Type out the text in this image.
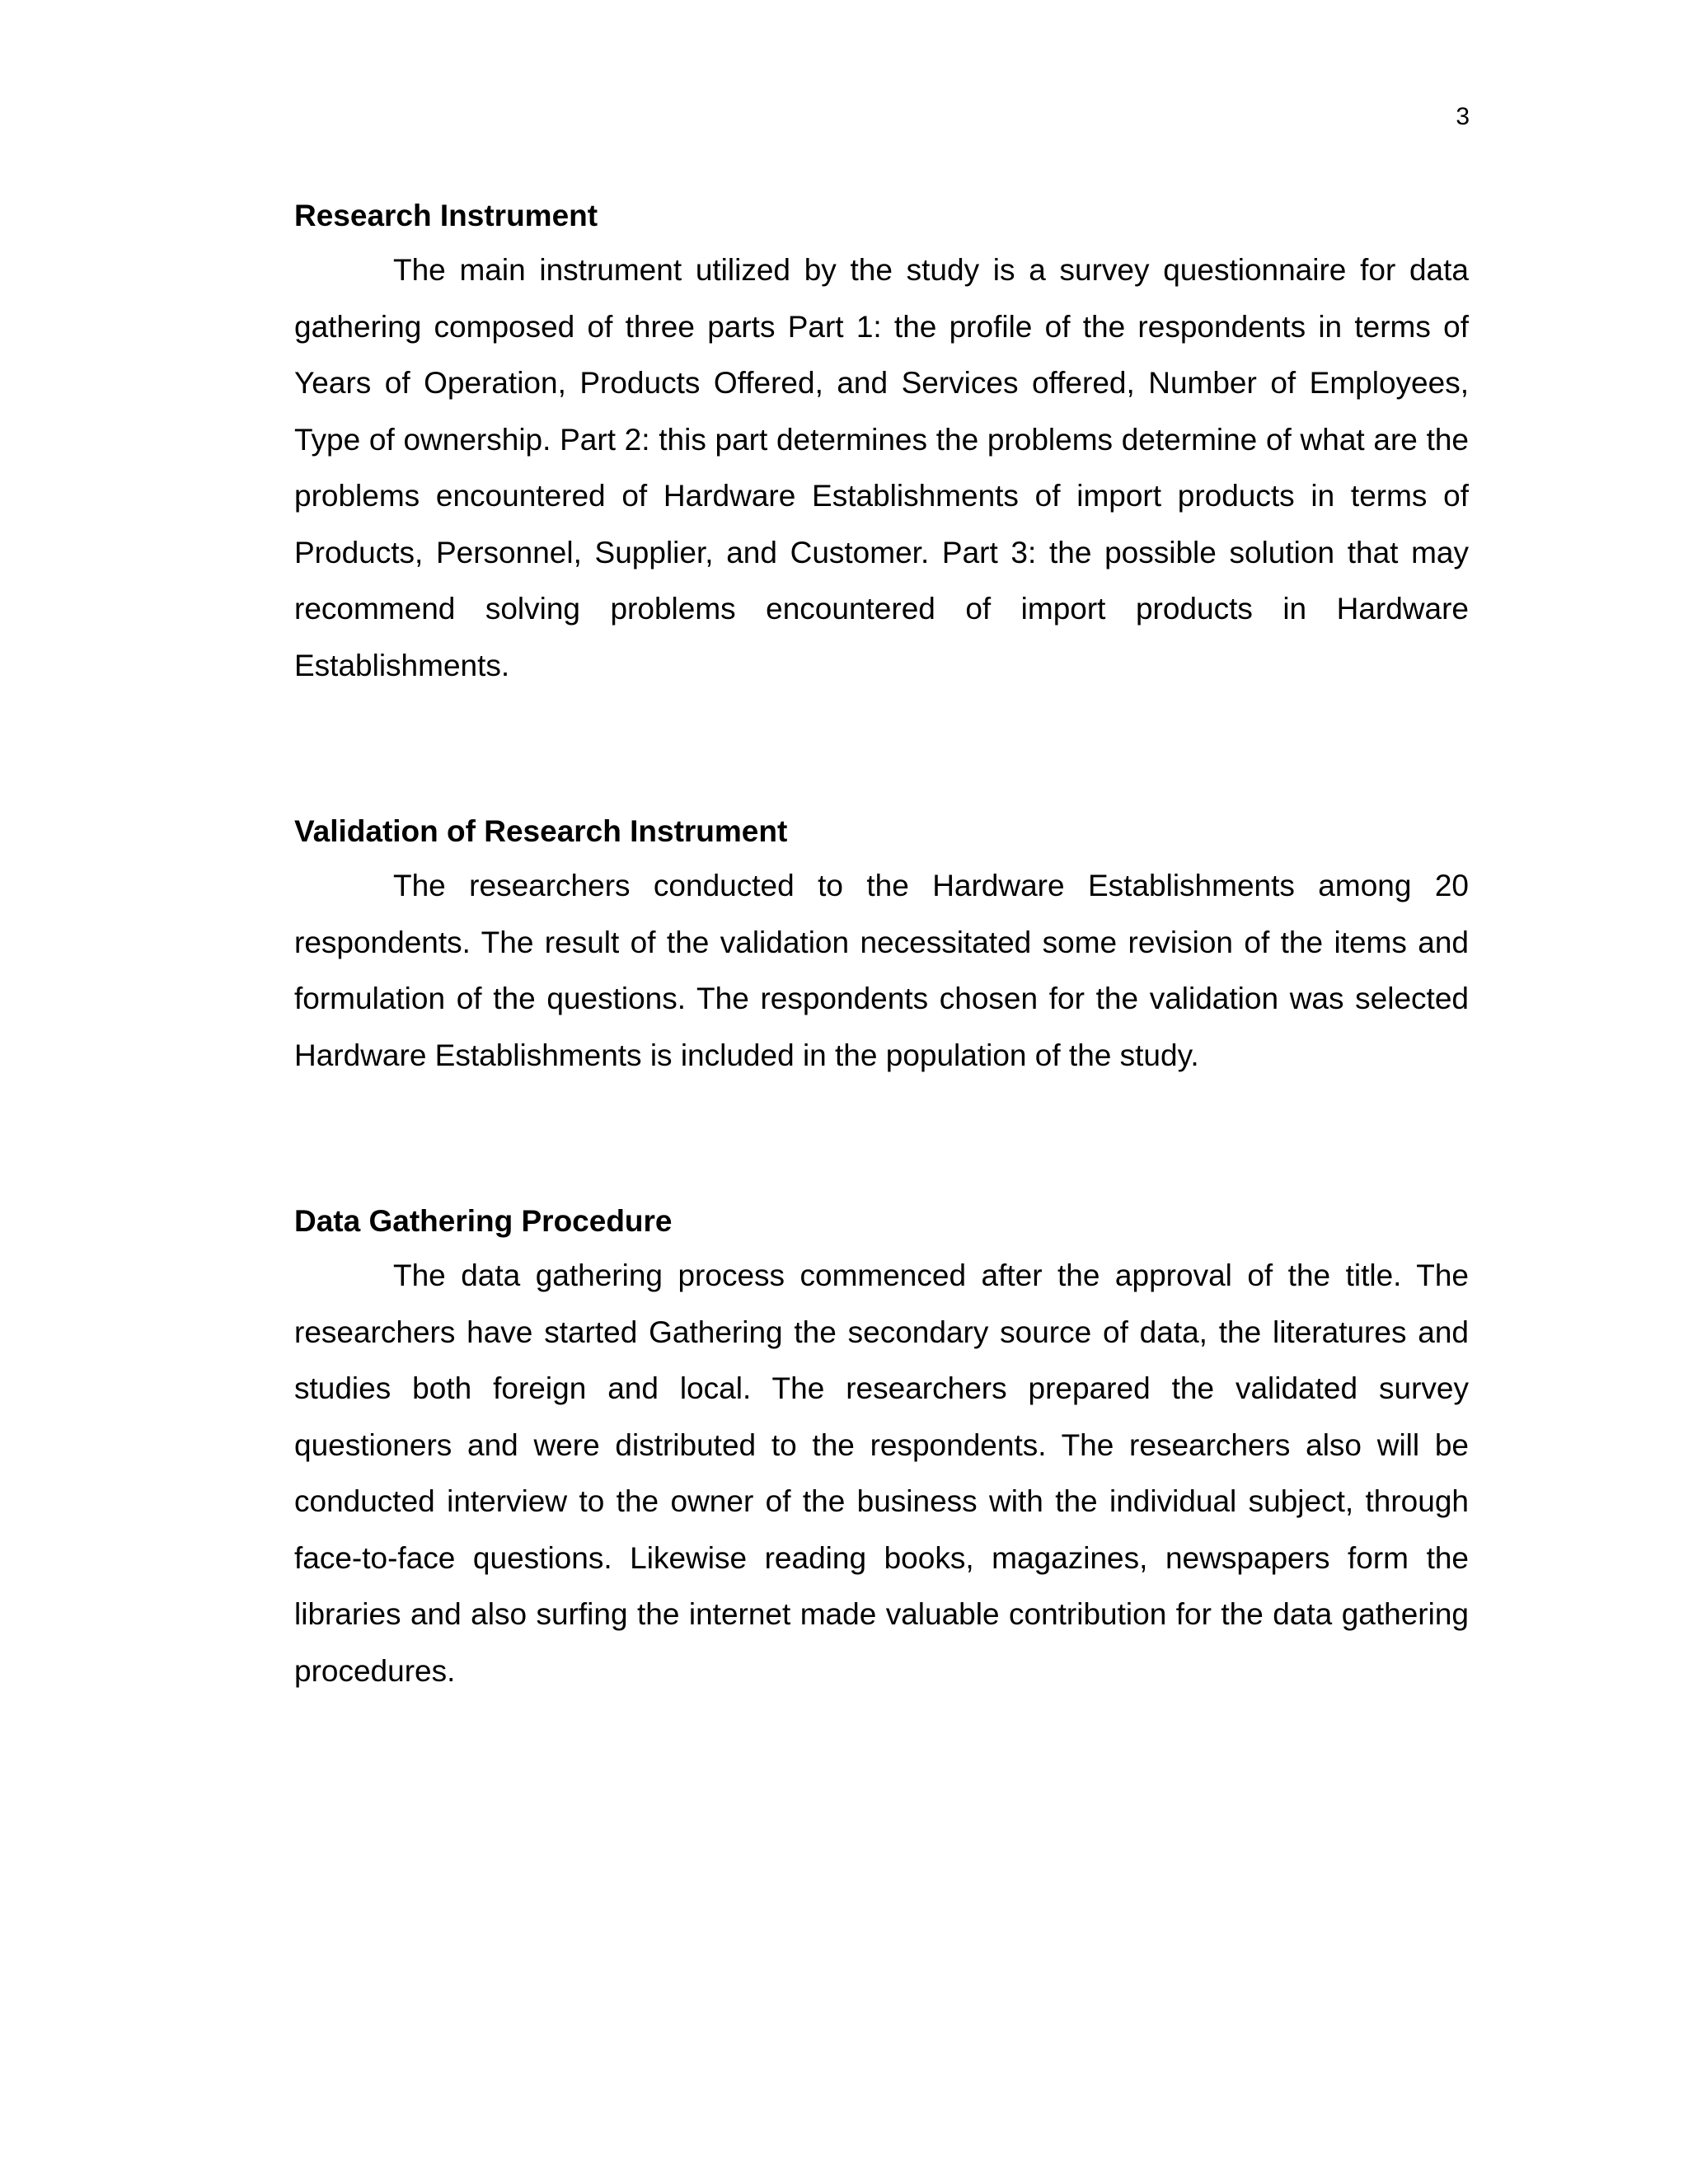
3
Research Instrument

The main instrument utilized by the study is a survey questionnaire for data gathering composed of three parts Part 1: the profile of the respondents in terms of Years of Operation, Products Offered, and Services offered, Number of Employees, Type of ownership. Part 2: this part determines the problems determine of what are the problems encountered of Hardware Establishments of import products in terms of Products, Personnel, Supplier, and Customer. Part 3: the possible solution that may recommend solving problems encountered of import products in Hardware Establishments.

Validation of Research Instrument

The researchers conducted to the Hardware Establishments among 20 respondents. The result of the validation necessitated some revision of the items and formulation of the questions. The respondents chosen for the validation was selected Hardware Establishments is included in the population of the study.

Data Gathering Procedure

The data gathering process commenced after the approval of the title. The researchers have started Gathering the secondary source of data, the literatures and studies both foreign and local. The researchers prepared the validated survey questioners and were distributed to the respondents. The researchers also will be conducted interview to the owner of the business with the individual subject, through face-to-face questions. Likewise reading books, magazines, newspapers form the libraries and also surfing the internet made valuable contribution for the data gathering procedures.
